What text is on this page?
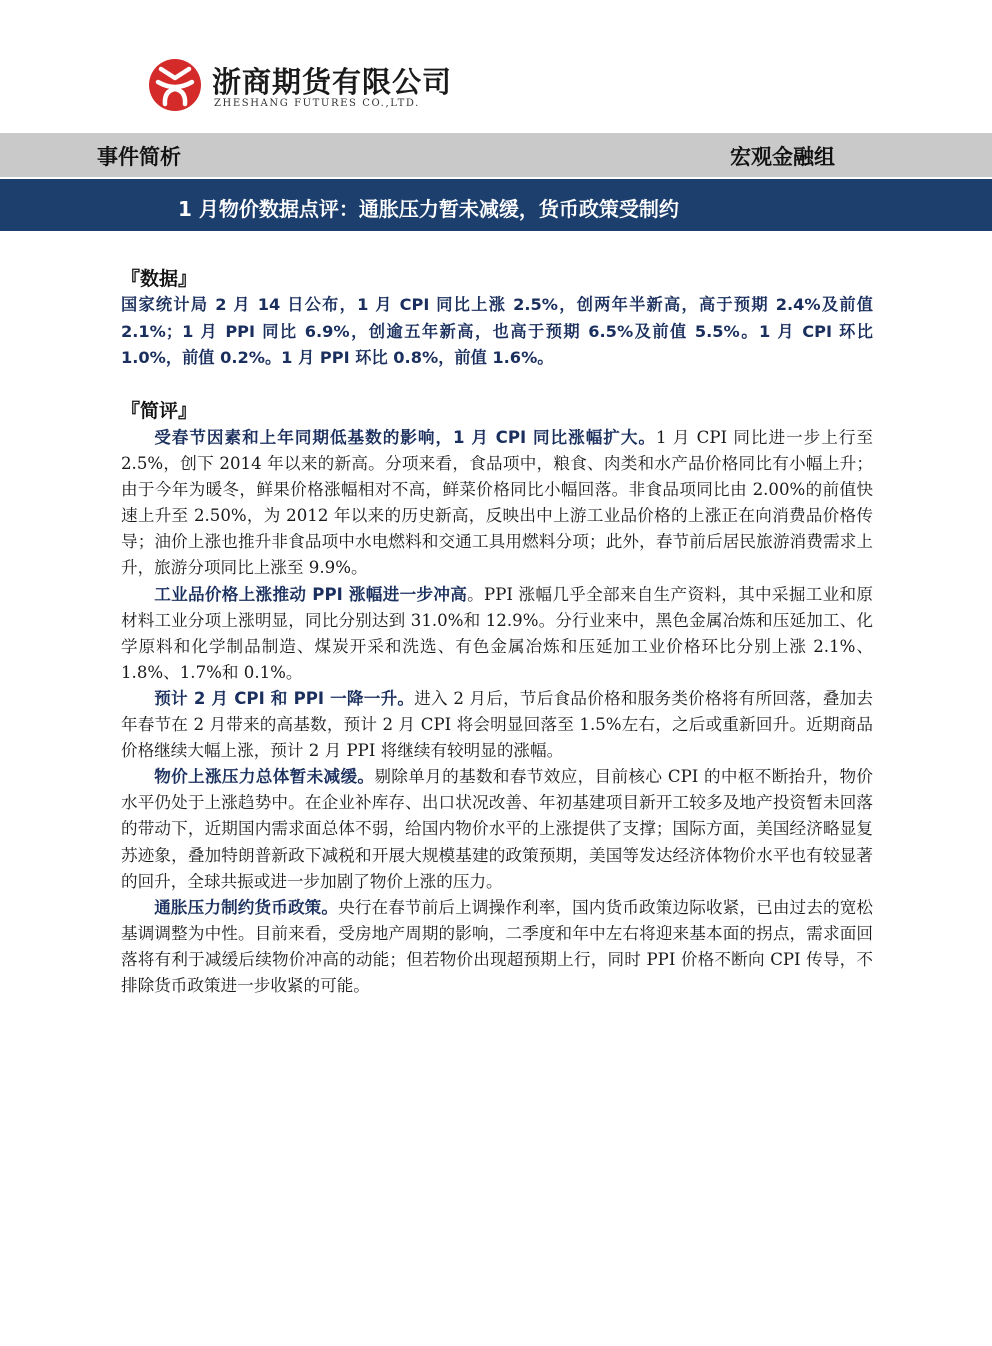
浙商期货有限公司
ZHESHANG FUTURES CO.,LTD.
事件简析	宏观金融组
1 月物价数据点评：通胀压力暂未减缓，货币政策受制约
『数据』
国家统计局 2 月 14 日公布，1 月 CPI 同比上涨 2.5%，创两年半新高，高于预期 2.4%及前值 2.1%；1 月 PPI 同比 6.9%，创逾五年新高，也高于预期 6.5%及前值 5.5%。1 月 CPI 环比 1.0%，前值 0.2%。1 月 PPI 环比 0.8%，前值 1.6%。
『简评』

受春节因素和上年同期低基数的影响，1 月 CPI 同比涨幅扩大。1 月 CPI 同比进一步上行至 2.5%，创下 2014 年以来的新高。分项来看，食品项中，粮食、肉类和水产品价格同比有小幅上升；由于今年为暖冬，鲜果价格涨幅相对不高，鲜菜价格同比小幅回落。非食品项同比由 2.00%的前值快速上升至 2.50%，为 2012 年以来的历史新高，反映出中上游工业品价格的上涨正在向消费品价格传导；油价上涨也推升非食品项中水电燃料和交通工具用燃料分项；此外，春节前后居民旅游消费需求上升，旅游分项同比上涨至 9.9%。

工业品价格上涨推动 PPI 涨幅进一步冲高。PPI 涨幅几乎全部来自生产资料，其中采掘工业和原材料工业分项上涨明显，同比分别达到 31.0%和 12.9%。分行业来中，黑色金属冶炼和压延加工、化学原料和化学制品制造、煤炭开采和洗选、有色金属冶炼和压延加工业价格环比分别上涨 2.1%、1.8%、1.7%和 0.1%。

预计 2 月 CPI 和 PPI 一降一升。进入 2 月后，节后食品价格和服务类价格将有所回落，叠加去年春节在 2 月带来的高基数，预计 2 月 CPI 将会明显回落至 1.5%左右，之后或重新回升。近期商品价格继续大幅上涨，预计 2 月 PPI 将继续有较明显的涨幅。

物价上涨压力总体暂未减缓。剔除单月的基数和春节效应，目前核心 CPI 的中枢不断抬升，物价水平仍处于上涨趋势中。在企业补库存、出口状况改善、年初基建项目新开工较多及地产投资暂未回落的带动下，近期国内需求面总体不弱，给国内物价水平的上涨提供了支撑；国际方面，美国经济略显复苏迹象，叠加特朗普新政下减税和开展大规模基建的政策预期，美国等发达经济体物价水平也有较显著的回升，全球共振或进一步加剧了物价上涨的压力。

通胀压力制约货币政策。央行在春节前后上调操作利率，国内货币政策边际收紧，已由过去的宽松基调调整为中性。目前来看，受房地产周期的影响，二季度和年中左右将迎来基本面的拐点，需求面回落将有利于减缓后续物价冲高的动能；但若物价出现超预期上行，同时 PPI 价格不断向 CPI 传导，不排除货币政策进一步收紧的可能。
